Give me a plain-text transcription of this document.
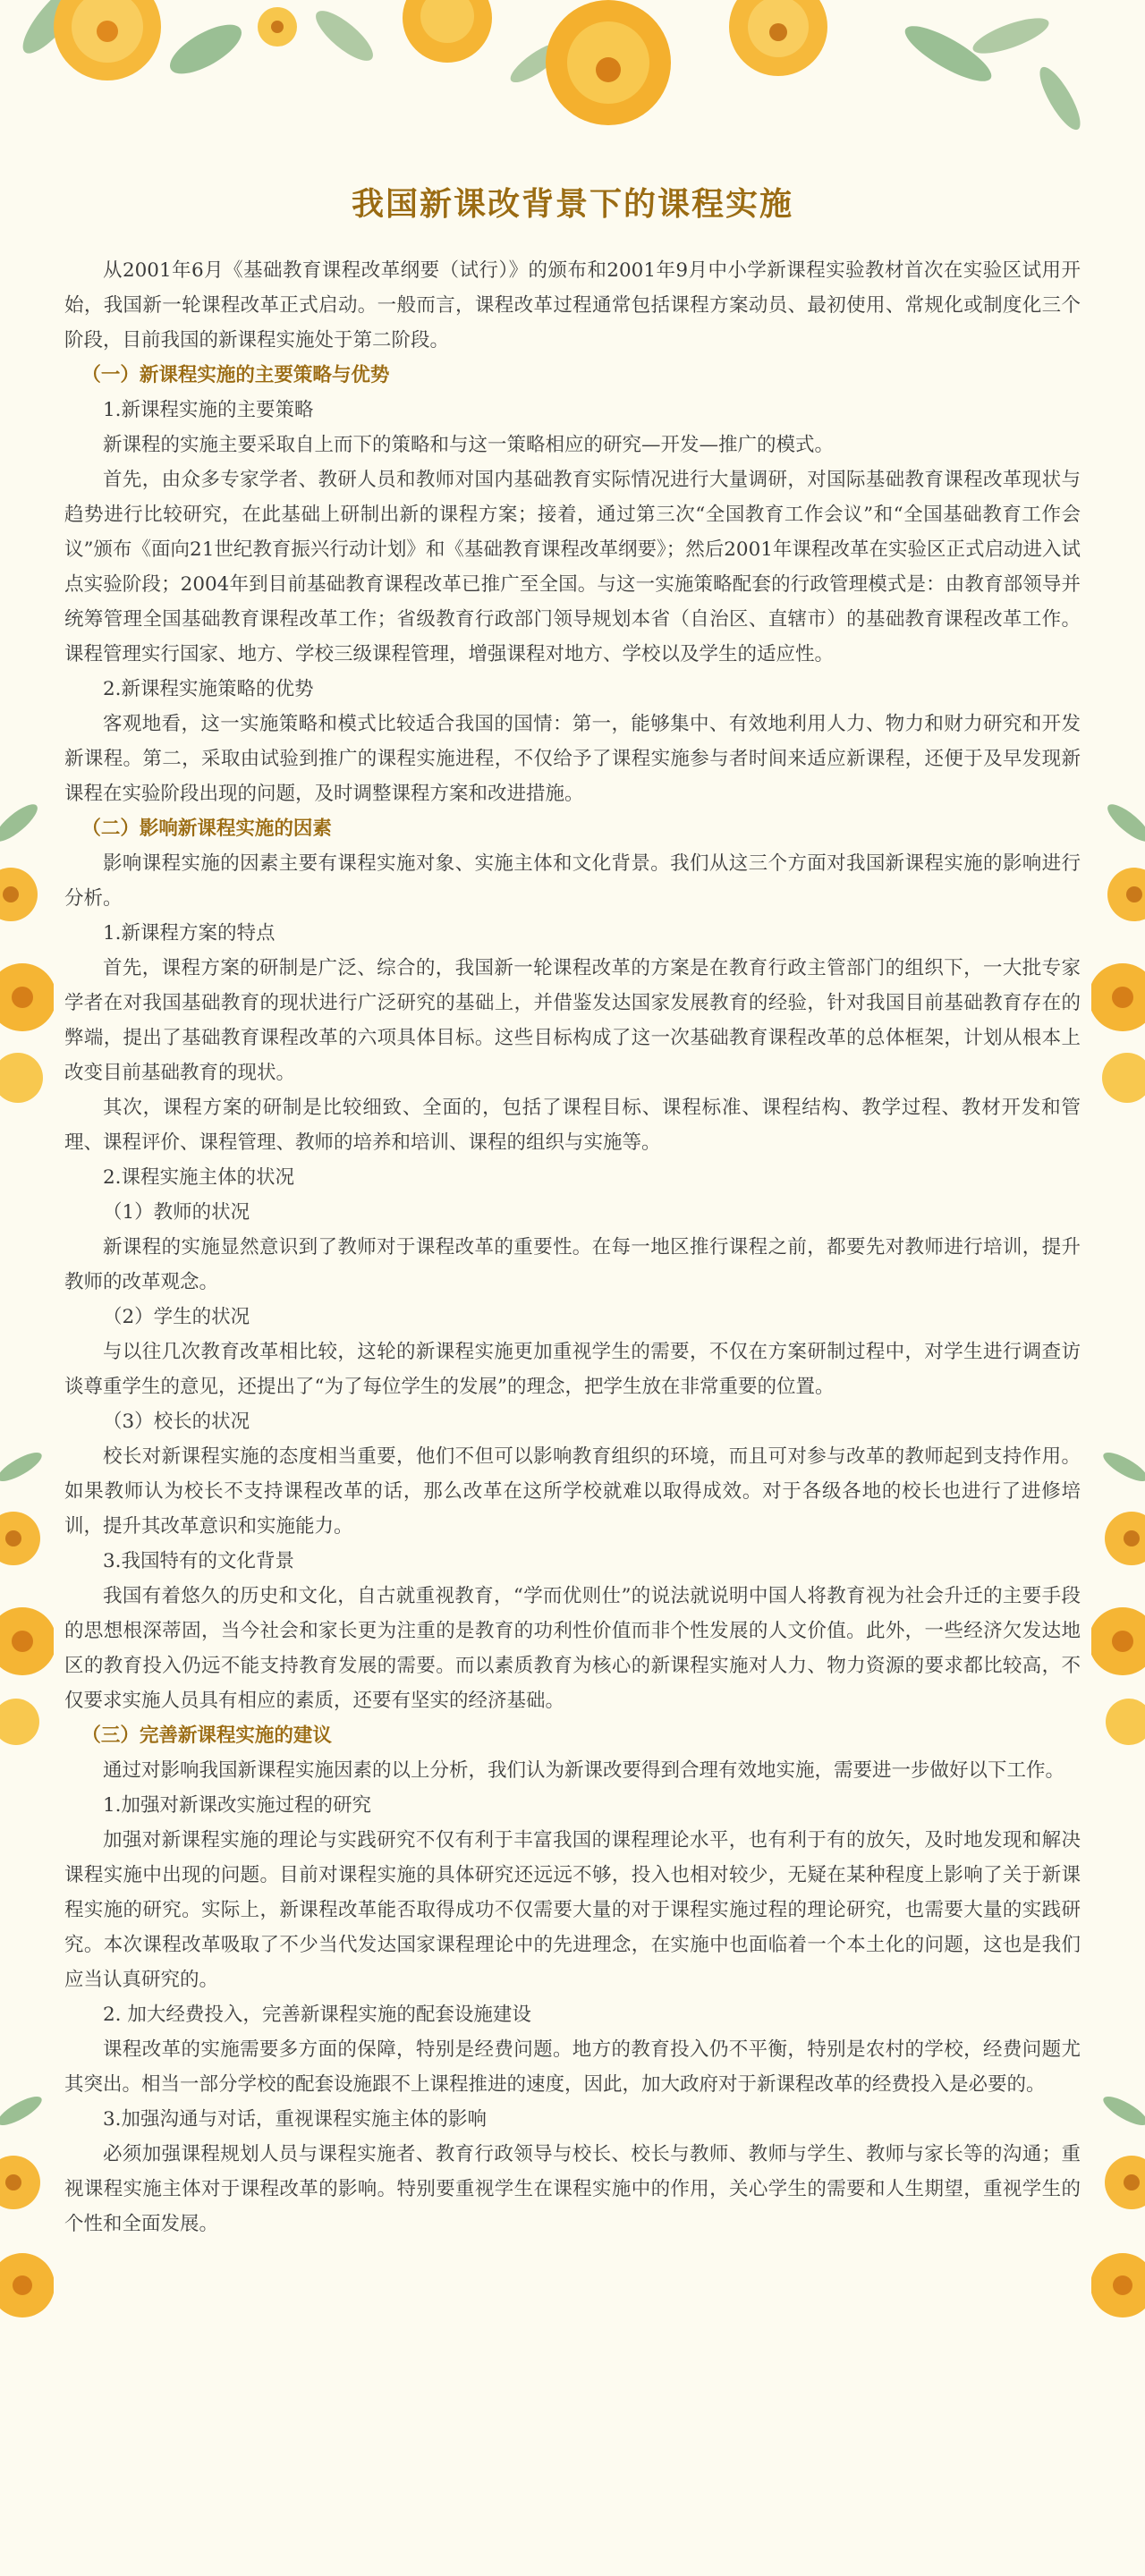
我国新课改背景下的课程实施

从2001年6月《基础教育课程改革纲要（试行）》的颁布和2001年9月中小学新课程实验教材首次在实验区试用开始，我国新一轮课程改革正式启动。一般而言，课程改革过程通常包括课程方案动员、最初使用、常规化或制度化三个阶段，目前我国的新课程实施处于第二阶段。

（一）新课程实施的主要策略与优势

1.新课程实施的主要策略

新课程的实施主要采取自上而下的策略和与这一策略相应的研究—开发—推广的模式。

首先，由众多专家学者、教研人员和教师对国内基础教育实际情况进行大量调研，对国际基础教育课程改革现状与趋势进行比较研究，在此基础上研制出新的课程方案；接着，通过第三次“全国教育工作会议”和“全国基础教育工作会议”颁布《面向21世纪教育振兴行动计划》和《基础教育课程改革纲要》；然后2001年课程改革在实验区正式启动进入试点实验阶段；2004年到目前基础教育课程改革已推广至全国。与这一实施策略配套的行政管理模式是：由教育部领导并统筹管理全国基础教育课程改革工作；省级教育行政部门领导规划本省（自治区、直辖市）的基础教育课程改革工作。课程管理实行国家、地方、学校三级课程管理，增强课程对地方、学校以及学生的适应性。

2.新课程实施策略的优势

客观地看，这一实施策略和模式比较适合我国的国情：第一，能够集中、有效地利用人力、物力和财力研究和开发新课程。第二，采取由试验到推广的课程实施进程，不仅给予了课程实施参与者时间来适应新课程，还便于及早发现新课程在实验阶段出现的问题，及时调整课程方案和改进措施。

（二）影响新课程实施的因素

影响课程实施的因素主要有课程实施对象、实施主体和文化背景。我们从这三个方面对我国新课程实施的影响进行分析。

1.新课程方案的特点

首先，课程方案的研制是广泛、综合的，我国新一轮课程改革的方案是在教育行政主管部门的组织下，一大批专家学者在对我国基础教育的现状进行广泛研究的基础上，并借鉴发达国家发展教育的经验，针对我国目前基础教育存在的弊端，提出了基础教育课程改革的六项具体目标。这些目标构成了这一次基础教育课程改革的总体框架，计划从根本上改变目前基础教育的现状。

其次，课程方案的研制是比较细致、全面的，包括了课程目标、课程标准、课程结构、教学过程、教材开发和管理、课程评价、课程管理、教师的培养和培训、课程的组织与实施等。

2.课程实施主体的状况

（1）教师的状况

新课程的实施显然意识到了教师对于课程改革的重要性。在每一地区推行课程之前，都要先对教师进行培训，提升教师的改革观念。

（2）学生的状况

与以往几次教育改革相比较，这轮的新课程实施更加重视学生的需要，不仅在方案研制过程中，对学生进行调查访谈尊重学生的意见，还提出了“为了每位学生的发展”的理念，把学生放在非常重要的位置。

（3）校长的状况

校长对新课程实施的态度相当重要，他们不但可以影响教育组织的环境，而且可对参与改革的教师起到支持作用。如果教师认为校长不支持课程改革的话，那么改革在这所学校就难以取得成效。对于各级各地的校长也进行了进修培训，提升其改革意识和实施能力。

3.我国特有的文化背景

我国有着悠久的历史和文化，自古就重视教育，“学而优则仕”的说法就说明中国人将教育视为社会升迁的主要手段的思想根深蒂固，当今社会和家长更为注重的是教育的功利性价值而非个性发展的人文价值。此外，一些经济欠发达地区的教育投入仍远不能支持教育发展的需要。而以素质教育为核心的新课程实施对人力、物力资源的要求都比较高，不仅要求实施人员具有相应的素质，还要有坚实的经济基础。

（三）完善新课程实施的建议

通过对影响我国新课程实施因素的以上分析，我们认为新课改要得到合理有效地实施，需要进一步做好以下工作。

1.加强对新课改实施过程的研究

加强对新课程实施的理论与实践研究不仅有利于丰富我国的课程理论水平，也有利于有的放矢，及时地发现和解决课程实施中出现的问题。目前对课程实施的具体研究还远远不够，投入也相对较少，无疑在某种程度上影响了关于新课程实施的研究。实际上，新课程改革能否取得成功不仅需要大量的对于课程实施过程的理论研究，也需要大量的实践研究。本次课程改革吸取了不少当代发达国家课程理论中的先进理念，在实施中也面临着一个本土化的问题，这也是我们应当认真研究的。

2. 加大经费投入，完善新课程实施的配套设施建设

课程改革的实施需要多方面的保障，特别是经费问题。地方的教育投入仍不平衡，特别是农村的学校，经费问题尤其突出。相当一部分学校的配套设施跟不上课程推进的速度，因此，加大政府对于新课程改革的经费投入是必要的。

3.加强沟通与对话，重视课程实施主体的影响

必须加强课程规划人员与课程实施者、教育行政领导与校长、校长与教师、教师与学生、教师与家长等的沟通；重视课程实施主体对于课程改革的影响。特别要重视学生在课程实施中的作用，关心学生的需要和人生期望，重视学生的个性和全面发展。
